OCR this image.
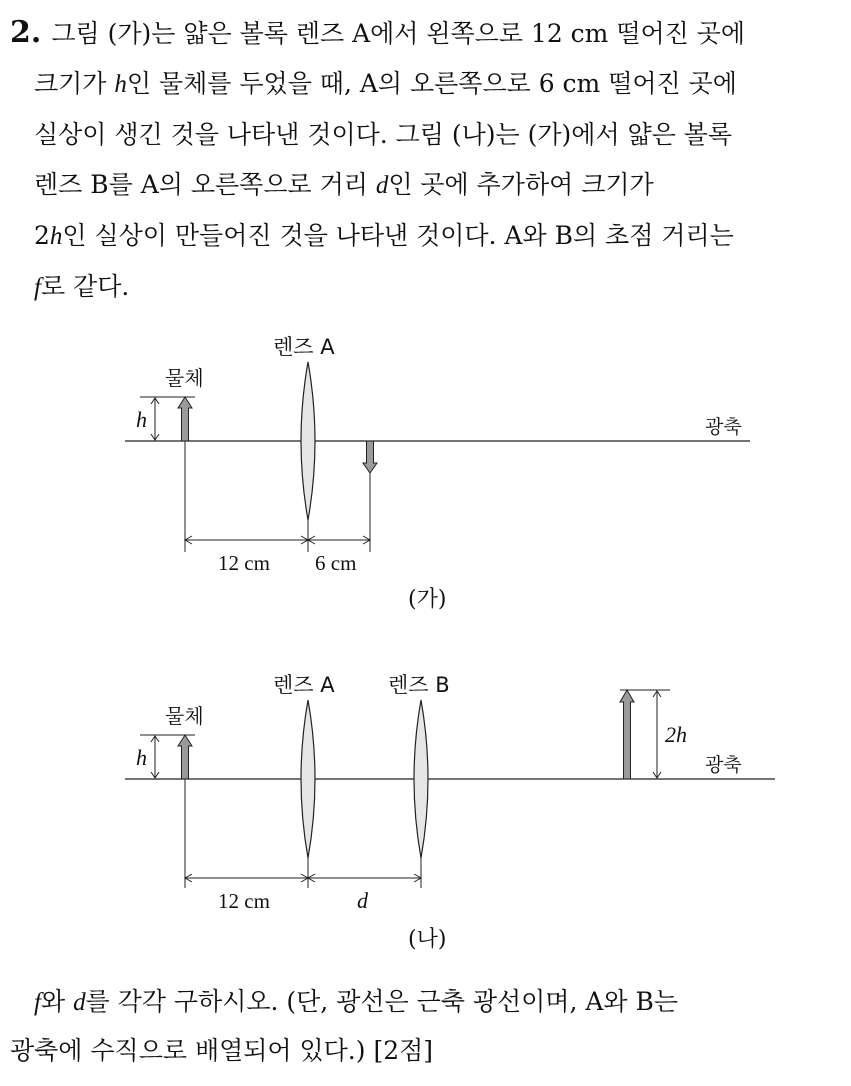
2. 그림 (가)는 얇은 볼록 렌즈 A에서 왼쪽으로 12 cm 떨어진 곳에
크기가 h인 물체를 두었을 때, A의 오른쪽으로 6 cm 떨어진 곳에
실상이 생긴 것을 나타낸 것이다. 그림 (나)는 (가)에서 얇은 볼록
렌즈 B를 A의 오른쪽으로 거리 d인 곳에 추가하여 크기가
2h인 실상이 만들어진 것을 나타낸 것이다. A와 B의 초점 거리는
f로 같다.
광축
렌즈 A
물체
h
12 cm 6 cm
(가)
광축
렌즈 A	렌즈 B
물체
h
2h
12 cm	d
(나)
f와 d를 각각 구하시오. (단, 광선은 근축 광선이며, A와 B는
광축에 수직으로 배열되어 있다.) [2점]
